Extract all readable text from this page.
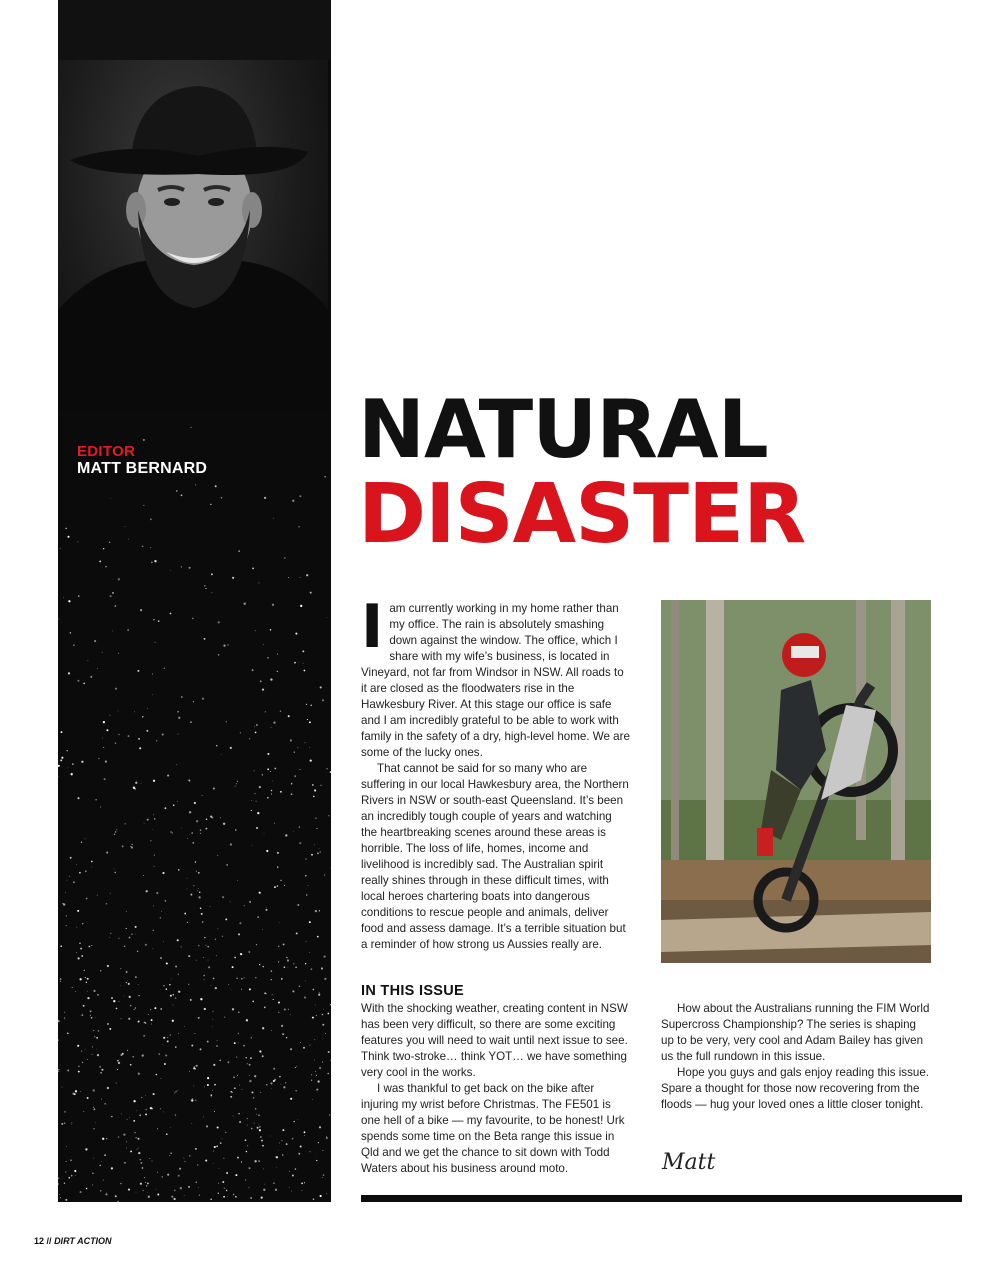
EDITOR
MATT BERNARD NATURAL
DISASTER
I am currently working in my home rather than my office. The rain is absolutely smashing down against the window. The office, which I share with my wife’s business, is located in Vineyard, not far from Windsor in NSW. All roads to it are closed as the floodwaters rise in the Hawkesbury River. At this stage our office is safe and I am incredibly grateful to be able to work with family in the safety of a dry, high-level home. We are some of the lucky ones.

That cannot be said for so many who are suffering in our local Hawkesbury area, the Northern Rivers in NSW or south-east Queensland. It’s been an incredibly tough couple of years and watching the heartbreaking scenes around these areas is horrible. The loss of life, homes, income and livelihood is incredibly sad. The Australian spirit really shines through in these difficult times, with local heroes chartering boats into dangerous conditions to rescue people and animals, deliver food and assess damage. It’s a terrible situation but a reminder of how strong us Aussies really are.

IN THIS ISSUE

With the shocking weather, creating content in NSW has been very difficult, so there are some exciting features you will need to wait until next issue to see. Think two-stroke… think YOT… we have something very cool in the works.

I was thankful to get back on the bike after injuring my wrist before Christmas. The FE501 is one hell of a bike — my favourite, to be honest! Urk spends some time on the Beta range this issue in Qld and we get the chance to sit down with Todd Waters about his business around moto.

How about the Australians running the FIM World Supercross Championship? The series is shaping up to be very, very cool and Adam Bailey has given us the full rundown in this issue.

Hope you guys and gals enjoy reading this issue. Spare a thought for those now recovering from the floods — hug your loved ones a little closer tonight.

Matt
12 // DIRT ACTION
